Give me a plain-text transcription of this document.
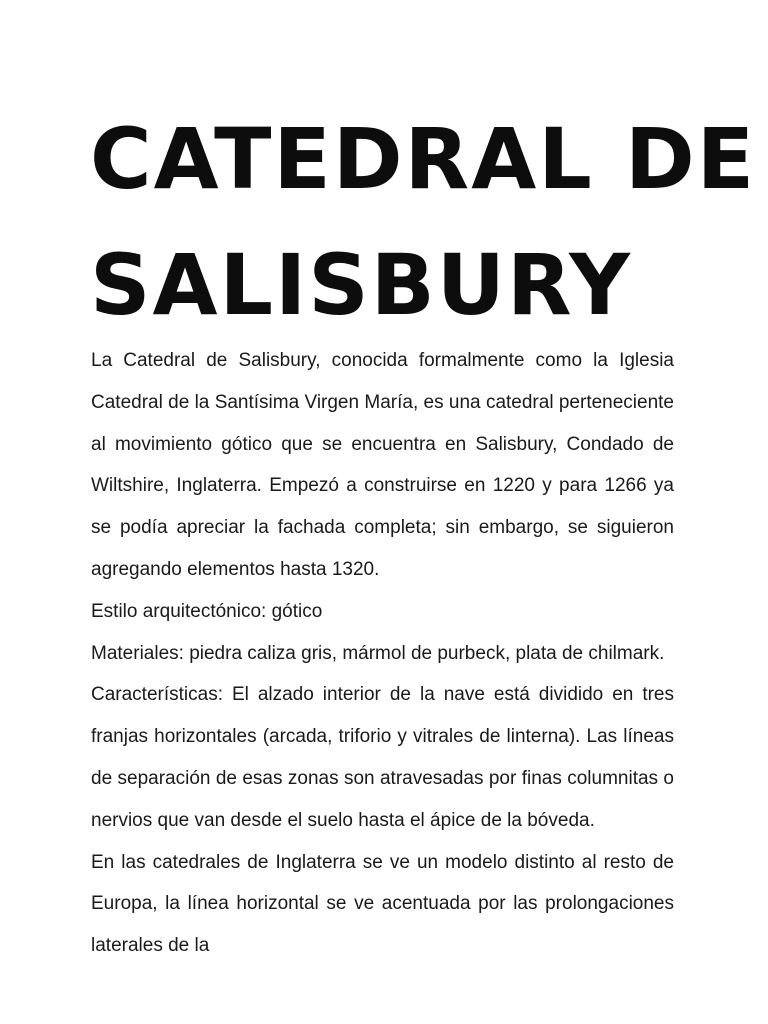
CATEDRAL DE
SALISBURY

La Catedral de Salisbury, conocida formalmente como la Iglesia Catedral de la Santísima Virgen María, es una catedral perteneciente al movimiento gótico que se encuentra en Salisbury, Condado de Wiltshire, Inglaterra. Empezó a construirse en 1220 y para 1266 ya se podía apreciar la fachada completa; sin embargo, se siguieron agregando elementos hasta 1320.

Estilo arquitectónico: gótico

Materiales: piedra caliza gris, mármol de purbeck, plata de chilmark.

Características: El alzado interior de la nave está dividido en tres franjas horizontales (arcada, triforio y vitrales de linterna). Las líneas de separación de esas zonas son atravesadas por finas columnitas o nervios que van desde el suelo hasta el ápice de la bóveda.

En las catedrales de Inglaterra se ve un modelo distinto al resto de Europa, la línea horizontal se ve acentuada por las prolongaciones laterales de la
